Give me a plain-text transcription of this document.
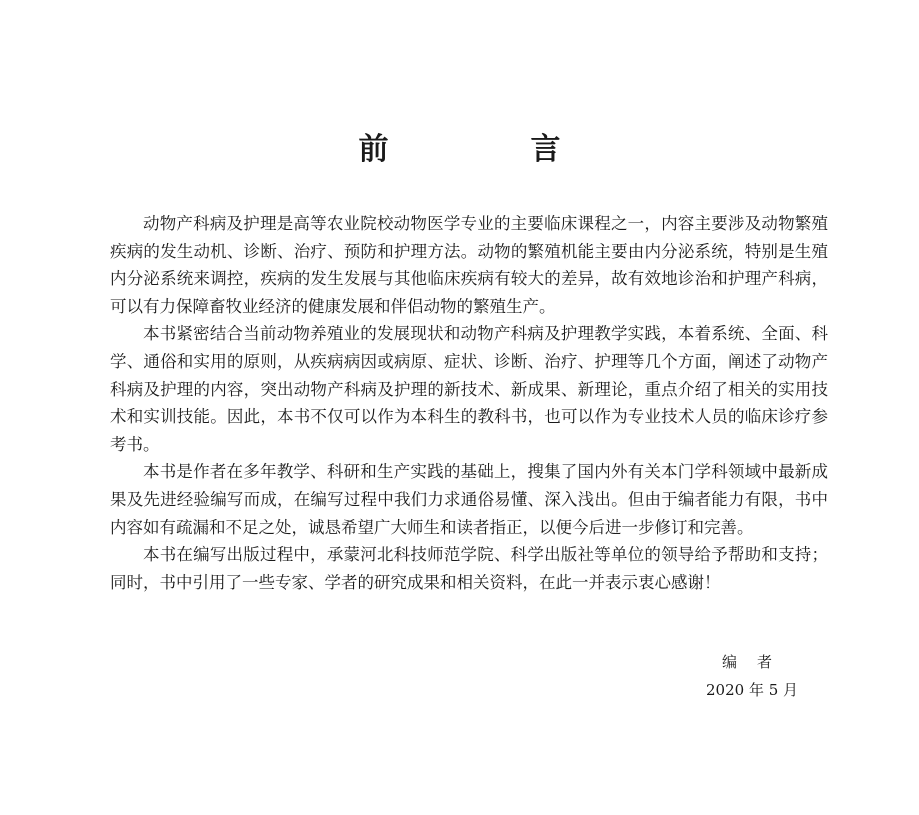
前　言

动物产科病及护理是高等农业院校动物医学专业的主要临床课程之一，内容主要涉及动物繁殖疾病的发生动机、诊断、治疗、预防和护理方法。动物的繁殖机能主要由内分泌系统，特别是生殖内分泌系统来调控，疾病的发生发展与其他临床疾病有较大的差异，故有效地诊治和护理产科病，可以有力保障畜牧业经济的健康发展和伴侣动物的繁殖生产。

本书紧密结合当前动物养殖业的发展现状和动物产科病及护理教学实践，本着系统、全面、科学、通俗和实用的原则，从疾病病因或病原、症状、诊断、治疗、护理等几个方面，阐述了动物产科病及护理的内容，突出动物产科病及护理的新技术、新成果、新理论，重点介绍了相关的实用技术和实训技能。因此，本书不仅可以作为本科生的教科书，也可以作为专业技术人员的临床诊疗参考书。

本书是作者在多年教学、科研和生产实践的基础上，搜集了国内外有关本门学科领域中最新成果及先进经验编写而成，在编写过程中我们力求通俗易懂、深入浅出。但由于编者能力有限，书中内容如有疏漏和不足之处，诚恳希望广大师生和读者指正，以便今后进一步修订和完善。

本书在编写出版过程中，承蒙河北科技师范学院、科学出版社等单位的领导给予帮助和支持；同时，书中引用了一些专家、学者的研究成果和相关资料，在此一并表示衷心感谢！

编者
2020 年 5 月
